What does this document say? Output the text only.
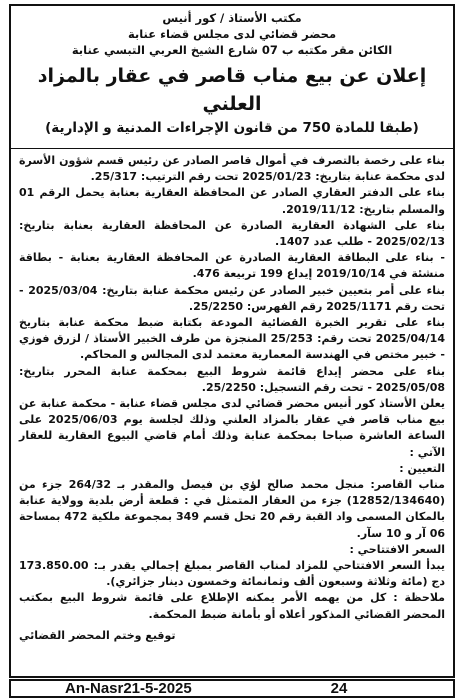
مكتب الأستاذ / كور أنيس
محضر قضائي لدى مجلس قضاء عنابة
الكائن مقر مكتبه ب 07 شارع الشيخ العربي التبسي عنابة
إعلان عن بيع مناب قاصر في عقار بالمزاد العلني
(طبقا للمادة 750 من قانون الإجراءات المدنية و الإدارية)

بناء على رخصة بالتصرف في أموال قاصر الصادر عن رئيس قسم شؤون الأسرة لدى محكمة عنابة بتاريخ: 2025/01/23 تحت رقم الترتيب: 25/317.

بناء على الدفتر العقاري الصادر عن المحافظة العقارية بعنابة يحمل الرقم 01 والمسلم بتاريخ: 2019/11/12.

بناء على الشهادة العقارية الصادرة عن المحافظة العقارية بعنابة بتاريخ: 2025/02/13 - طلب عدد 1407.

- بناء على البطاقة العقارية الصادرة عن المحافظة العقارية بعنابة - بطاقة منشئة في 2019/10/14 إيداع 199 تربيعة 476.

بناء على أمر بتعيين خبير الصادر عن رئيس محكمة عنابة بتاريخ: 2025/03/04 - تحت رقم 2025/1171 رقم الفهرس: 25/2250.

بناء على تقرير الخبرة القضائية المودعة بكتابة ضبط محكمة عنابة بتاريخ 2025/04/14 تحت رقم: 25/253 المنجزة من طرف الخبير الأستاذ / لزرق فوزي - خبير مختص في الهندسة المعمارية معتمد لدى المجالس و المحاكم.

بناء على محضر إيداع قائمة شروط البيع بمحكمة عنابة المحرر بتاريخ: 2025/05/08 - تحت رقم التسجيل: 25/2250.

يعلن الأستاذ كور أنيس محضر قضائي لدى مجلس قضاء عنابة - محكمة عنابة عن بيع مناب قاصر في عقار بالمزاد العلني وذلك لجلسة يوم 2025/06/03 على الساعة العاشرة صباحا بمحكمة عنابة وذلك أمام قاضي البيوع العقارية للعقار الآتي :

التعيين :

مناب القاصر: منجل محمد صالح لؤي بن فيصل والمقدر بـ 264/32 جزء من (12852/134640) جزء من العقار المتمثل في : قطعة أرض بلدية وولاية عنابة بالمكان المسمى واد القبة رقم 20 تحل قسم 349 بمجموعة ملكية 472 بمساحة 06 آر و 10 سآر.

السعر الافتتاحي :

يبدأ السعر الافتتاحي للمزاد لمناب القاصر بمبلغ إجمالي يقدر بـ: 173.850.00 دج (مائة وثلاثة وسبعون ألف وثمانمائة وخمسون دينار جزائري).

ملاحظة : كل من يهمه الأمر يمكنه الإطلاع على قائمة شروط البيع بمكتب المحضر القضائي المذكور أعلاه أو بأمانة ضبط المحكمة.

توقيع وختم المحضر القضائي
An-Nasr21-5-2025	24
